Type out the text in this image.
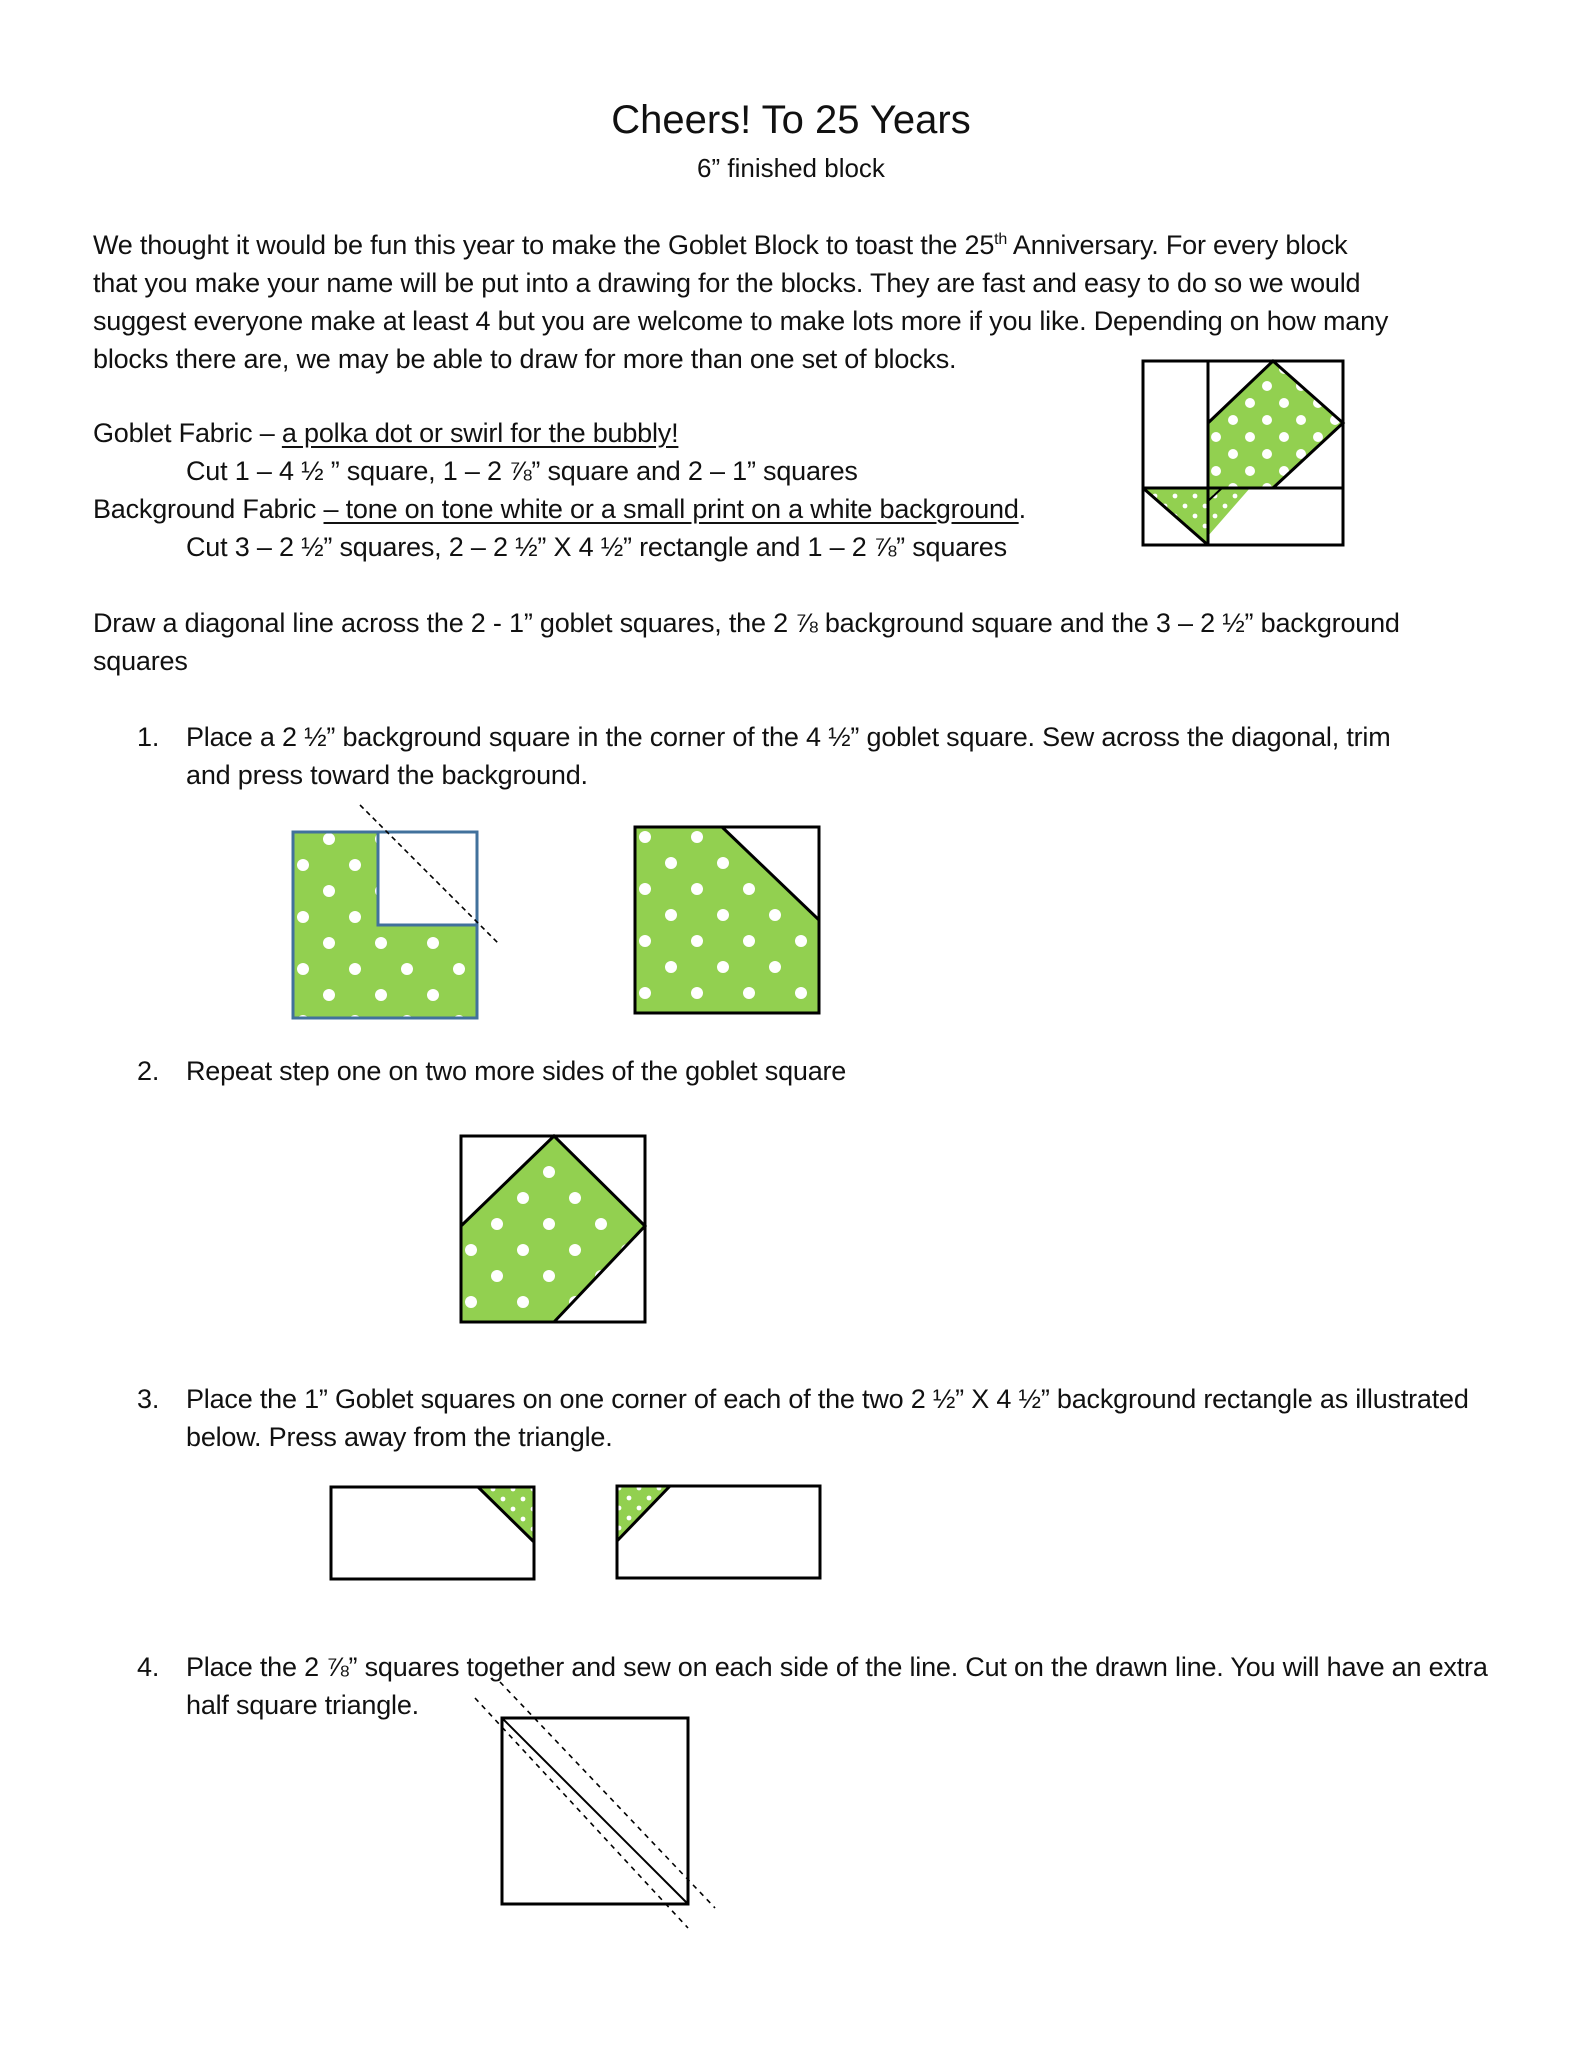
Cheers! To 25 Years
6” finished block
We thought it would be fun this year to make the Goblet Block to toast the 25th Anniversary. For every block
that you make your name will be put into a drawing for the blocks. They are fast and easy to do so we would
suggest everyone make at least 4 but you are welcome to make lots more if you like. Depending on how many
blocks there are, we may be able to draw for more than one set of blocks.
Goblet Fabric – a polka dot or swirl for the bubbly!
Cut 1 – 4 ½ ” square, 1 – 2 ⅞” square and 2 – 1” squares
Background Fabric – tone on tone white or a small print on a white background.
Cut 3 – 2 ½” squares, 2 – 2 ½” X 4 ½” rectangle and 1 – 2 ⅞” squares
Draw a diagonal line across the 2 - 1” goblet squares, the 2 ⅞ background square and the 3 – 2 ½” background
squares
1. Place a 2 ½” background square in the corner of the 4 ½” goblet square. Sew across the diagonal, trim
and press toward the background.
2. Repeat step one on two more sides of the goblet square
3. Place the 1” Goblet squares on one corner of each of the two 2 ½” X 4 ½” background rectangle as illustrated
below. Press away from the triangle.
4. Place the 2 ⅞” squares together and sew on each side of the line. Cut on the drawn line. You will have an extra
half square triangle.
